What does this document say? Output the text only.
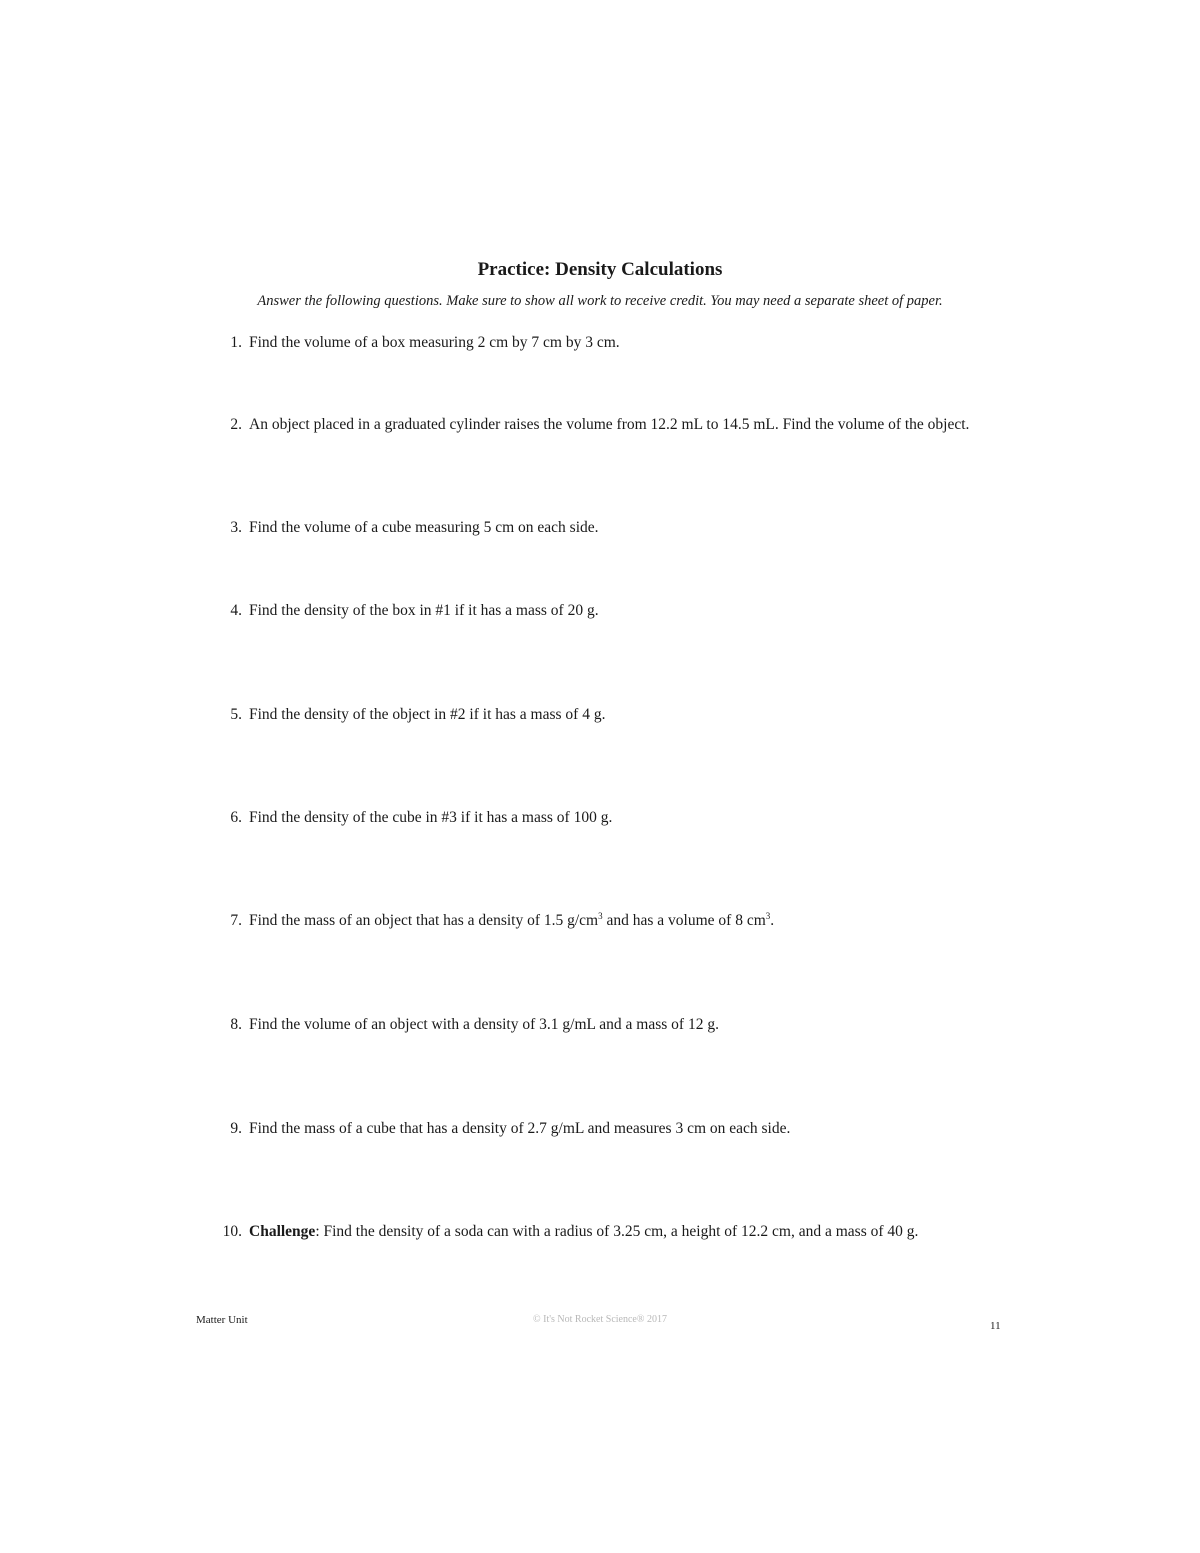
Practice: Density Calculations

Answer the following questions. Make sure to show all work to receive credit. You may need a separate sheet of paper.

1. Find the volume of a box measuring 2 cm by 7 cm by 3 cm.
2. An object placed in a graduated cylinder raises the volume from 12.2 mL to 14.5 mL. Find the volume of the object.
3. Find the volume of a cube measuring 5 cm on each side.
4. Find the density of the box in #1 if it has a mass of 20 g.
5. Find the density of the object in #2 if it has a mass of 4 g.
6. Find the density of the cube in #3 if it has a mass of 100 g.
7. Find the mass of an object that has a density of 1.5 $g/cm^3$ and has a volume of 8 $cm^3$.
8. Find the volume of an object with a density of 3.1 g/mL and a mass of 12 g.
9. Find the mass of a cube that has a density of 2.7 g/mL and measures 3 cm on each side.
10. Challenge: Find the density of a soda can with a radius of 3.25 cm, a height of 12.2 cm, and a mass of 40 g.
Matter Unit	© It's Not Rocket Science® 2017
11
